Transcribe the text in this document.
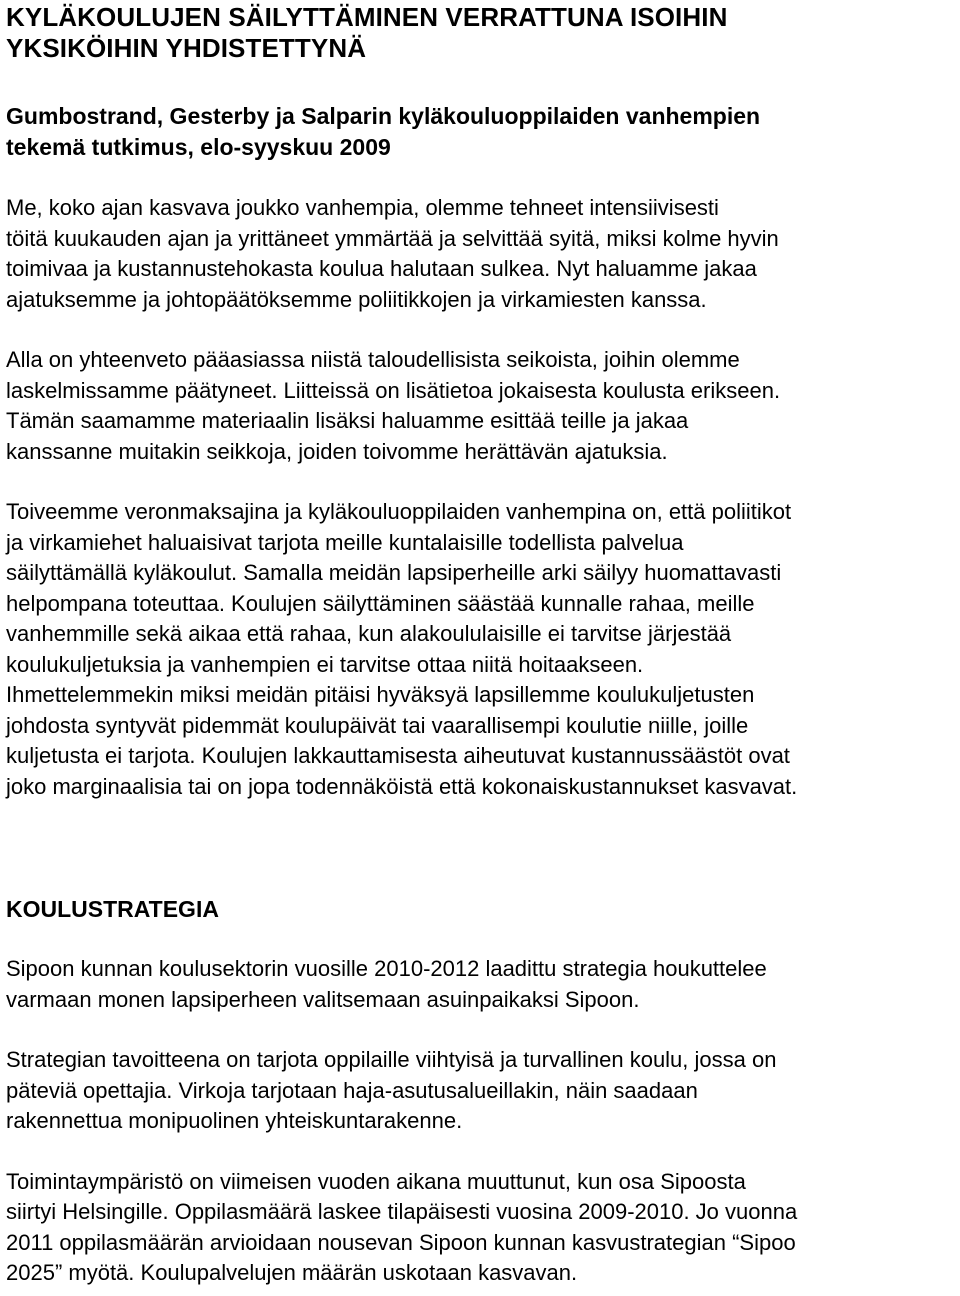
KYLÄKOULUJEN SÄILYTTÄMINEN VERRATTUNA ISOIHIN
YKSIKÖIHIN YHDISTETTYNÄ
Gumbostrand, Gesterby ja Salparin kyläkouluoppilaiden vanhempien
tekemä tutkimus, elo-syyskuu 2009

Me, koko ajan kasvava joukko vanhempia, olemme tehneet intensiivisesti
töitä kuukauden ajan ja yrittäneet ymmärtää ja selvittää syitä, miksi kolme hyvin
toimivaa ja kustannustehokasta koulua halutaan sulkea. Nyt haluamme jakaa
ajatuksemme ja johtopäätöksemme poliitikkojen ja virkamiesten kanssa.

Alla on yhteenveto pääasiassa niistä taloudellisista seikoista, joihin olemme
laskelmissamme päätyneet. Liitteissä on lisätietoa jokaisesta koulusta erikseen.
Tämän saamamme materiaalin lisäksi haluamme esittää teille ja jakaa
kanssanne muitakin seikkoja, joiden toivomme herättävän ajatuksia.

Toiveemme veronmaksajina ja kyläkouluoppilaiden vanhempina on, että poliitikot
ja virkamiehet haluaisivat tarjota meille kuntalaisille todellista palvelua
säilyttämällä kyläkoulut. Samalla meidän lapsiperheille arki säilyy huomattavasti
helpompana toteuttaa. Koulujen säilyttäminen säästää kunnalle rahaa, meille
vanhemmille sekä aikaa että rahaa, kun alakoululaisille ei tarvitse järjestää
koulukuljetuksia ja vanhempien ei tarvitse ottaa niitä hoitaakseen.
Ihmettelemmekin miksi meidän pitäisi hyväksyä lapsillemme koulukuljetusten
johdosta syntyvät pidemmät koulupäivät tai vaarallisempi koulutie niille, joille
kuljetusta ei tarjota. Koulujen lakkauttamisesta aiheutuvat kustannussäästöt ovat
joko marginaalisia tai on jopa todennäköistä että kokonaiskustannukset kasvavat.

KOULUSTRATEGIA

Sipoon kunnan koulusektorin vuosille 2010-2012 laadittu strategia houkuttelee
varmaan monen lapsiperheen valitsemaan asuinpaikaksi Sipoon.

Strategian tavoitteena on tarjota oppilaille viihtyisä ja turvallinen koulu, jossa on
päteviä opettajia. Virkoja tarjotaan haja-asutusalueillakin, näin saadaan
rakennettua monipuolinen yhteiskuntarakenne.

Toimintaympäristö on viimeisen vuoden aikana muuttunut, kun osa Sipoosta
siirtyi Helsingille. Oppilasmäärä laskee tilapäisesti vuosina 2009-2010. Jo vuonna
2011 oppilasmäärän arvioidaan nousevan Sipoon kunnan kasvustrategian “Sipoo
2025” myötä. Koulupalvelujen määrän uskotaan kasvavan.
